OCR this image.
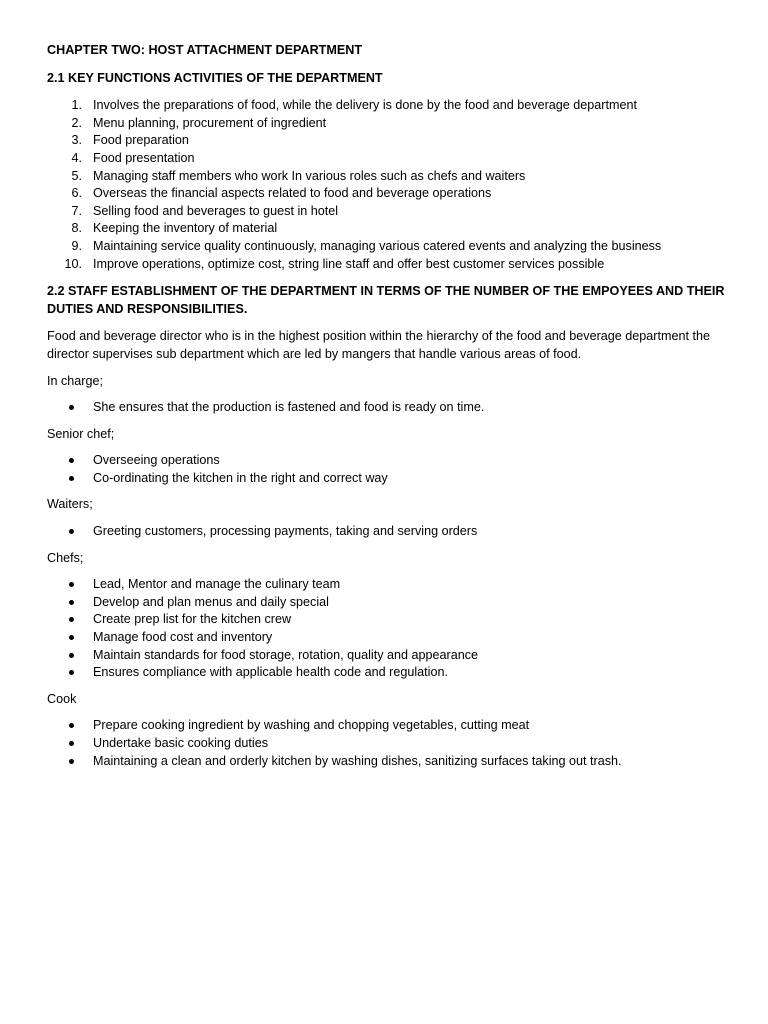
CHAPTER TWO: HOST ATTACHMENT DEPARTMENT
2.1 KEY FUNCTIONS ACTIVITIES OF THE DEPARTMENT
1. Involves the preparations of food, while the delivery is done by the food and beverage department
2. Menu planning, procurement of ingredient
3. Food preparation
4. Food presentation
5. Managing staff members who work In various roles such as chefs and waiters
6. Overseas the financial aspects related to food and beverage operations
7. Selling food and beverages to guest in hotel
8. Keeping the inventory of material
9. Maintaining service quality continuously, managing various catered events and analyzing the business
10. Improve operations, optimize cost, string line staff and offer best customer services possible
2.2 STAFF ESTABLISHMENT OF THE DEPARTMENT IN TERMS OF THE NUMBER OF THE EMPOYEES AND THEIR DUTIES AND RESPONSIBILITIES.
Food and beverage director who is in the highest position within the hierarchy of the food and beverage department the director supervises sub department which are led by mangers that handle various areas of food.
In charge;
She ensures that the production is fastened and food is ready on time.
Senior chef;
Overseeing operations
Co-ordinating the kitchen in the right and correct way
Waiters;
Greeting customers, processing payments, taking and serving orders
Chefs;
Lead, Mentor and manage the culinary team
Develop and plan menus and daily special
Create prep list for the kitchen crew
Manage food cost and inventory
Maintain standards for food storage, rotation, quality and appearance
Ensures compliance with applicable health code and regulation.
Cook
Prepare cooking ingredient by washing and chopping vegetables, cutting meat
Undertake basic cooking duties
Maintaining a clean and orderly kitchen by washing dishes, sanitizing surfaces taking out trash.
